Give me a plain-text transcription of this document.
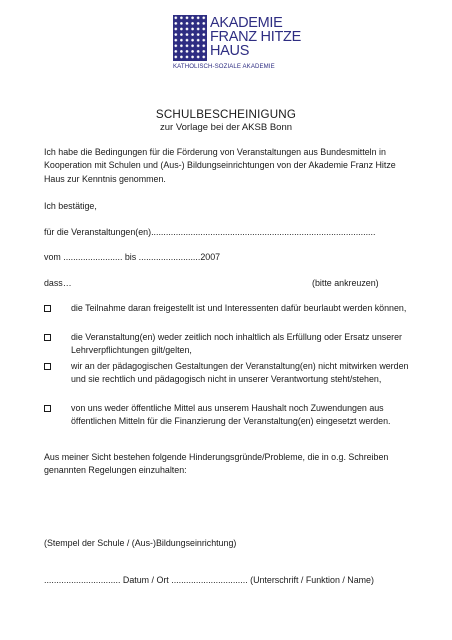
AKADEMIE
FRANZ HITZE
HAUS
KATHOLISCH-SOZIALE AKADEMIE
SCHULBESCHEINIGUNG
zur Vorlage bei der AKSB Bonn
Ich habe die Bedingungen für die Förderung von Veranstaltungen aus Bundesmitteln in Kooperation mit Schulen und (Aus-) Bildungseinrichtungen von der Akademie Franz Hitze Haus zur Kenntnis genommen.
Ich bestätige,
für die Veranstaltungen(en)...........................................................................................
vom ........................ bis .........................2007
dass…	(bitte ankreuzen)
die Teilnahme daran freigestellt ist und Interessenten dafür beurlaubt werden können,
die Veranstaltung(en) weder zeitlich noch inhaltlich als Erfüllung oder Ersatz unserer Lehrverpflichtungen gilt/gelten,
wir an der pädagogischen Gestaltungen der Veranstaltung(en) nicht mitwirken werden und sie rechtlich und pädagogisch nicht in unserer Verantwortung steht/stehen,
von uns weder öffentliche Mittel aus unserem Haushalt noch Zuwendungen aus öffentlichen Mitteln für die Finanzierung der Veranstaltung(en) eingesetzt werden.
Aus meiner Sicht bestehen folgende Hinderungsgründe/Probleme, die in o.g. Schreiben genannten Regelungen einzuhalten:
(Stempel der Schule / (Aus-)Bildungseinrichtung)
............................... Datum / Ort ............................... (Unterschrift / Funktion / Name)
